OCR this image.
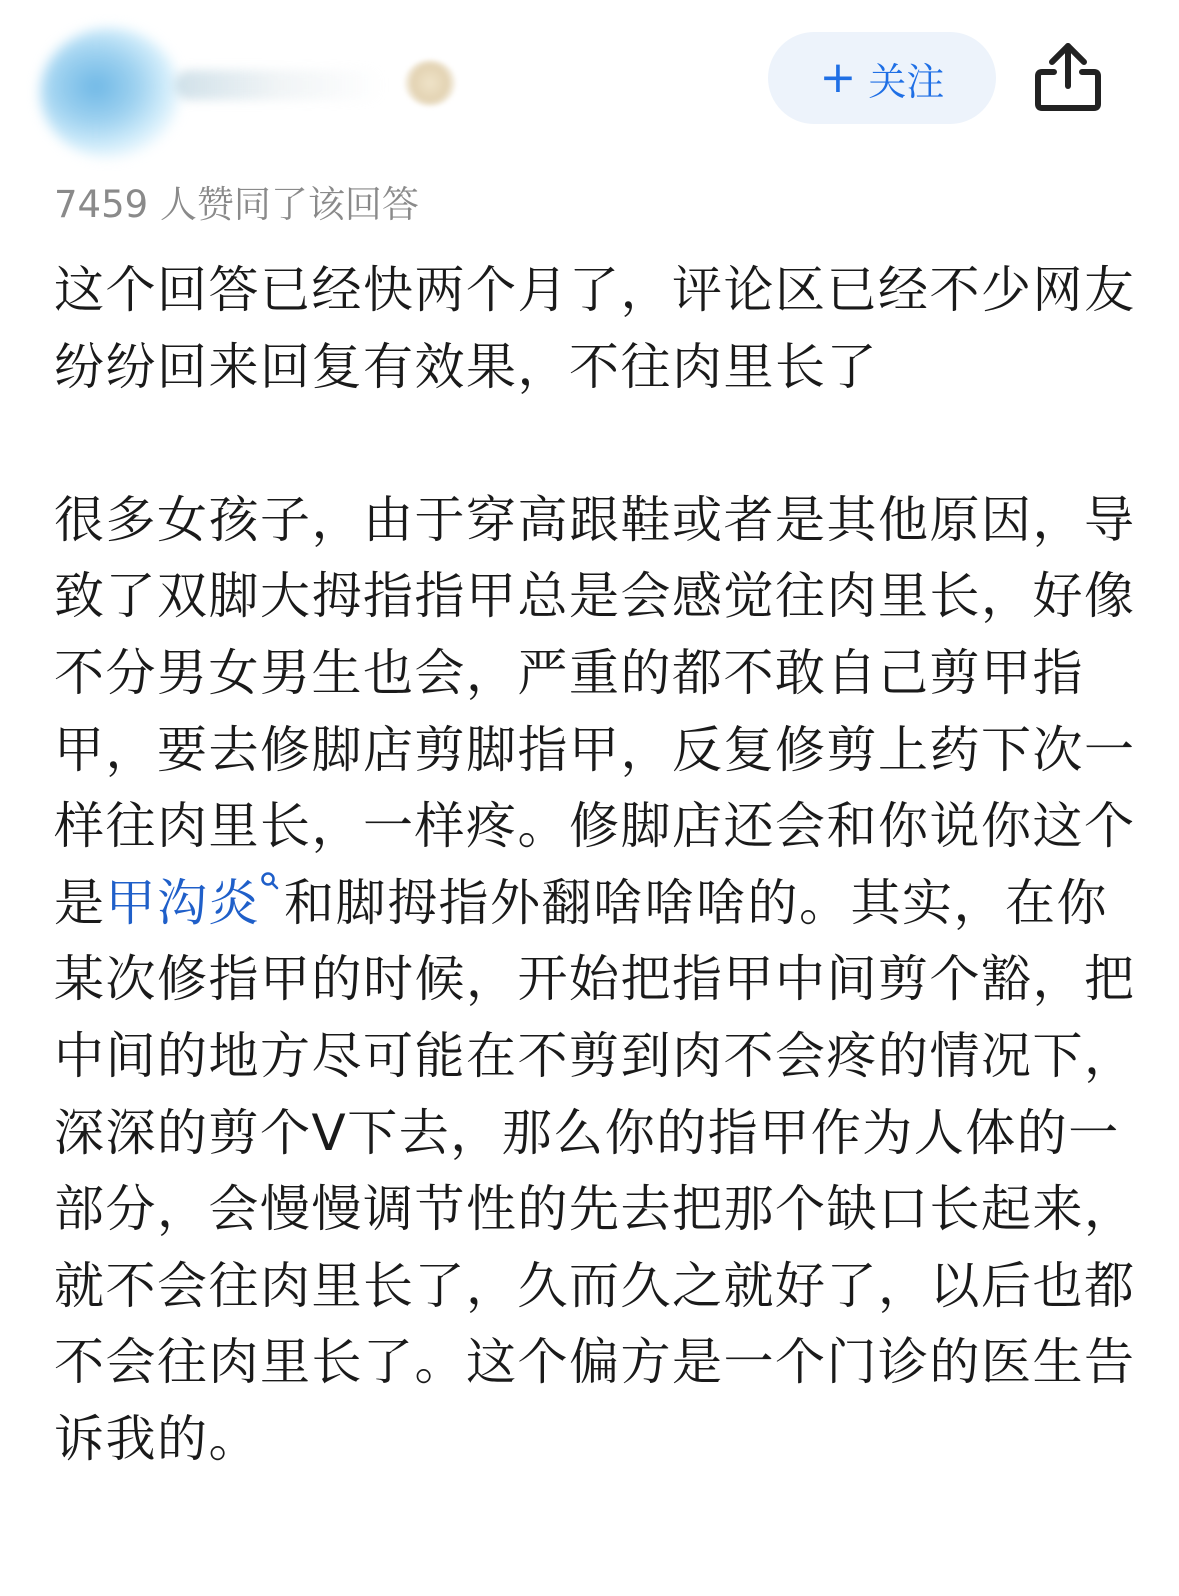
+ 关注
7459 人赞同了该回答

这个回答已经快两个月了，评论区已经不少网友纷纷回来回复有效果，不往肉里长了

很多女孩子，由于穿高跟鞋或者是其他原因，导致了双脚大拇指指甲总是会感觉往肉里长，好像不分男女男生也会，严重的都不敢自己剪甲指甲，要去修脚店剪脚指甲，反复修剪上药下次一样往肉里长，一样疼。修脚店还会和你说你这个是甲沟炎 和脚拇指外翻啥啥啥的。其实，在你某次修指甲的时候，开始把指甲中间剪个豁，把中间的地方尽可能在不剪到肉不会疼的情况下，深深的剪个V下去，那么你的指甲作为人体的一部分，会慢慢调节性的先去把那个缺口长起来，就不会往肉里长了，久而久之就好了，以后也都不会往肉里长了。这个偏方是一个门诊的医生告诉我的。
